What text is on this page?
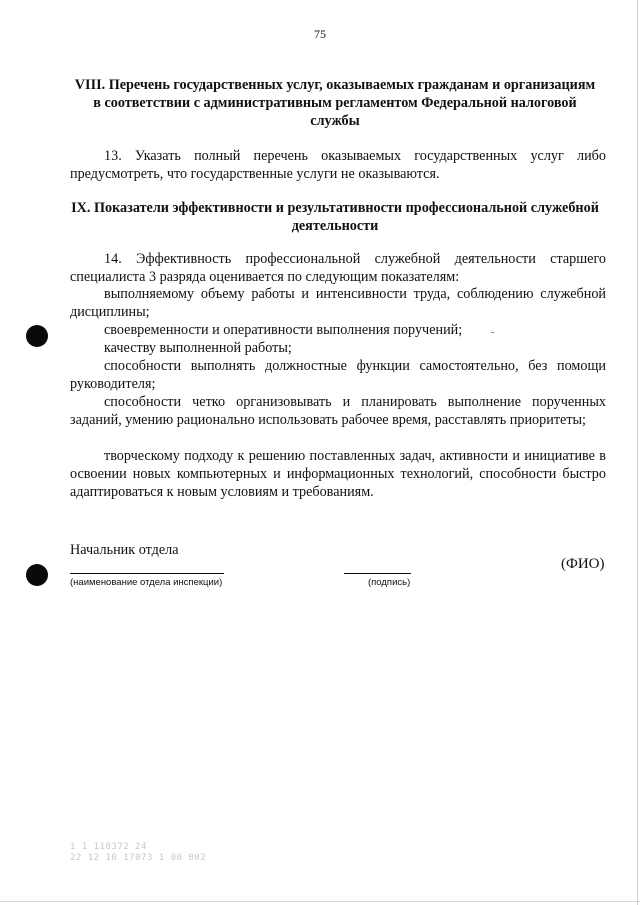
75
VIII. Перечень государственных услуг, оказываемых гражданам и организациям в соответствии с административным регламентом Федеральной налоговой службы
13. Указать полный перечень оказываемых государственных услуг либо предусмотреть, что государственные услуги не оказываются.
IX. Показатели эффективности и результативности профессиональной служебной деятельности
14. Эффективность профессиональной служебной деятельности старшего специалиста 3 разряда оценивается по следующим показателям:
выполняемому объему работы и интенсивности труда, соблюдению служебной дисциплины;
своевременности и оперативности выполнения поручений;
качеству выполненной работы;
способности выполнять должностные функции самостоятельно, без помощи руководителя;
способности четко организовывать и планировать выполнение порученных заданий, умению рационально использовать рабочее время, расставлять приоритеты;
творческому подходу к решению поставленных задач, активности и инициативе в освоении новых компьютерных и информационных технологий, способности быстро адаптироваться к новым условиям и требованиям.
-
Начальник отдела
(наименование отдела инспекции)	(подпись)
(ФИО)
1 1 110372 24
22 12 10 17073 1 00 002
